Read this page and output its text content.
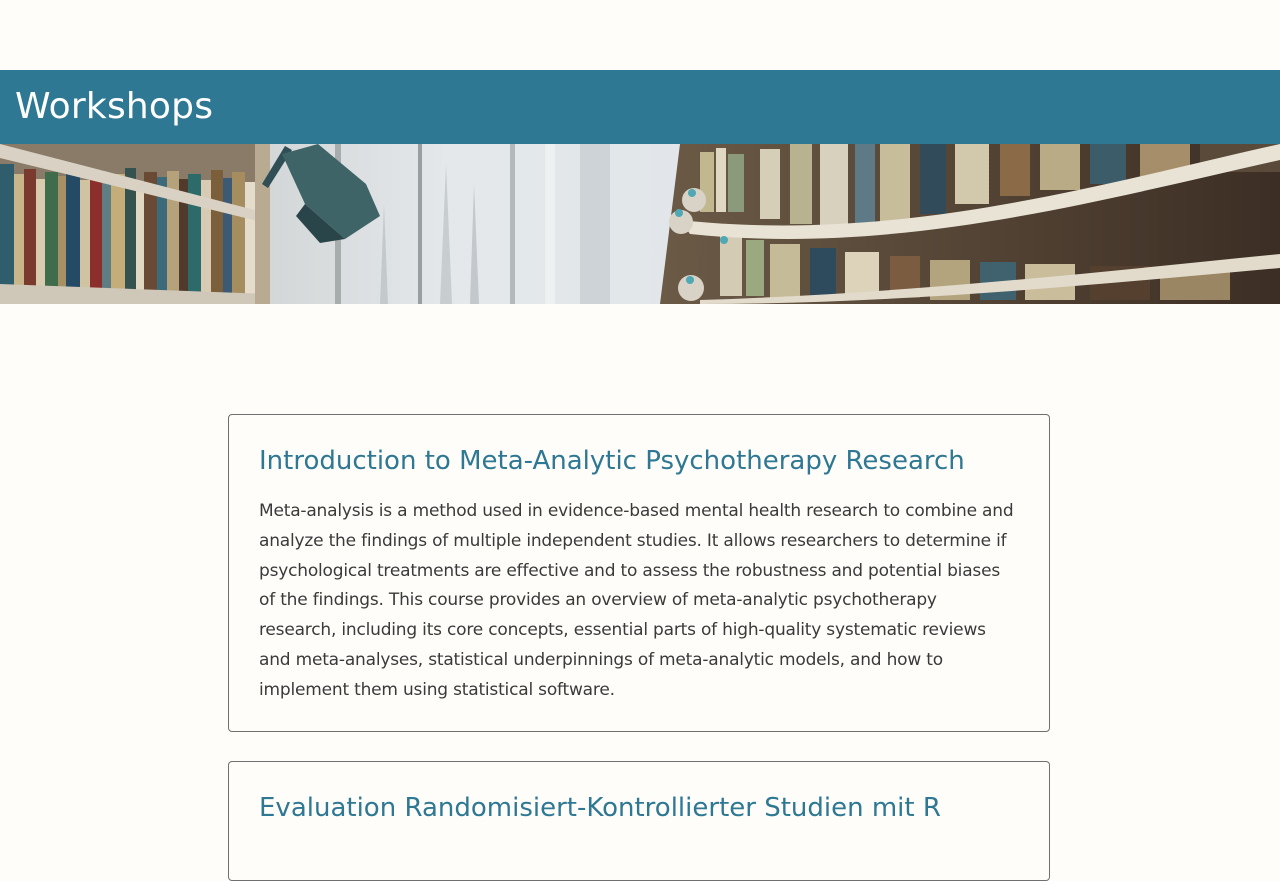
Workshops
Introduction to Meta-Analytic Psychotherapy Research

Meta-analysis is a method used in evidence-based mental health research to combine and analyze the findings of multiple independent studies. It allows researchers to determine if psychological treatments are effective and to assess the robustness and potential biases of the findings. This course provides an overview of meta-analytic psychotherapy research, including its core concepts, essential parts of high-quality systematic reviews and meta-analyses, statistical underpinnings of meta-analytic models, and how to implement them using statistical software.

Evaluation Randomisiert-Kontrollierter Studien mit R
